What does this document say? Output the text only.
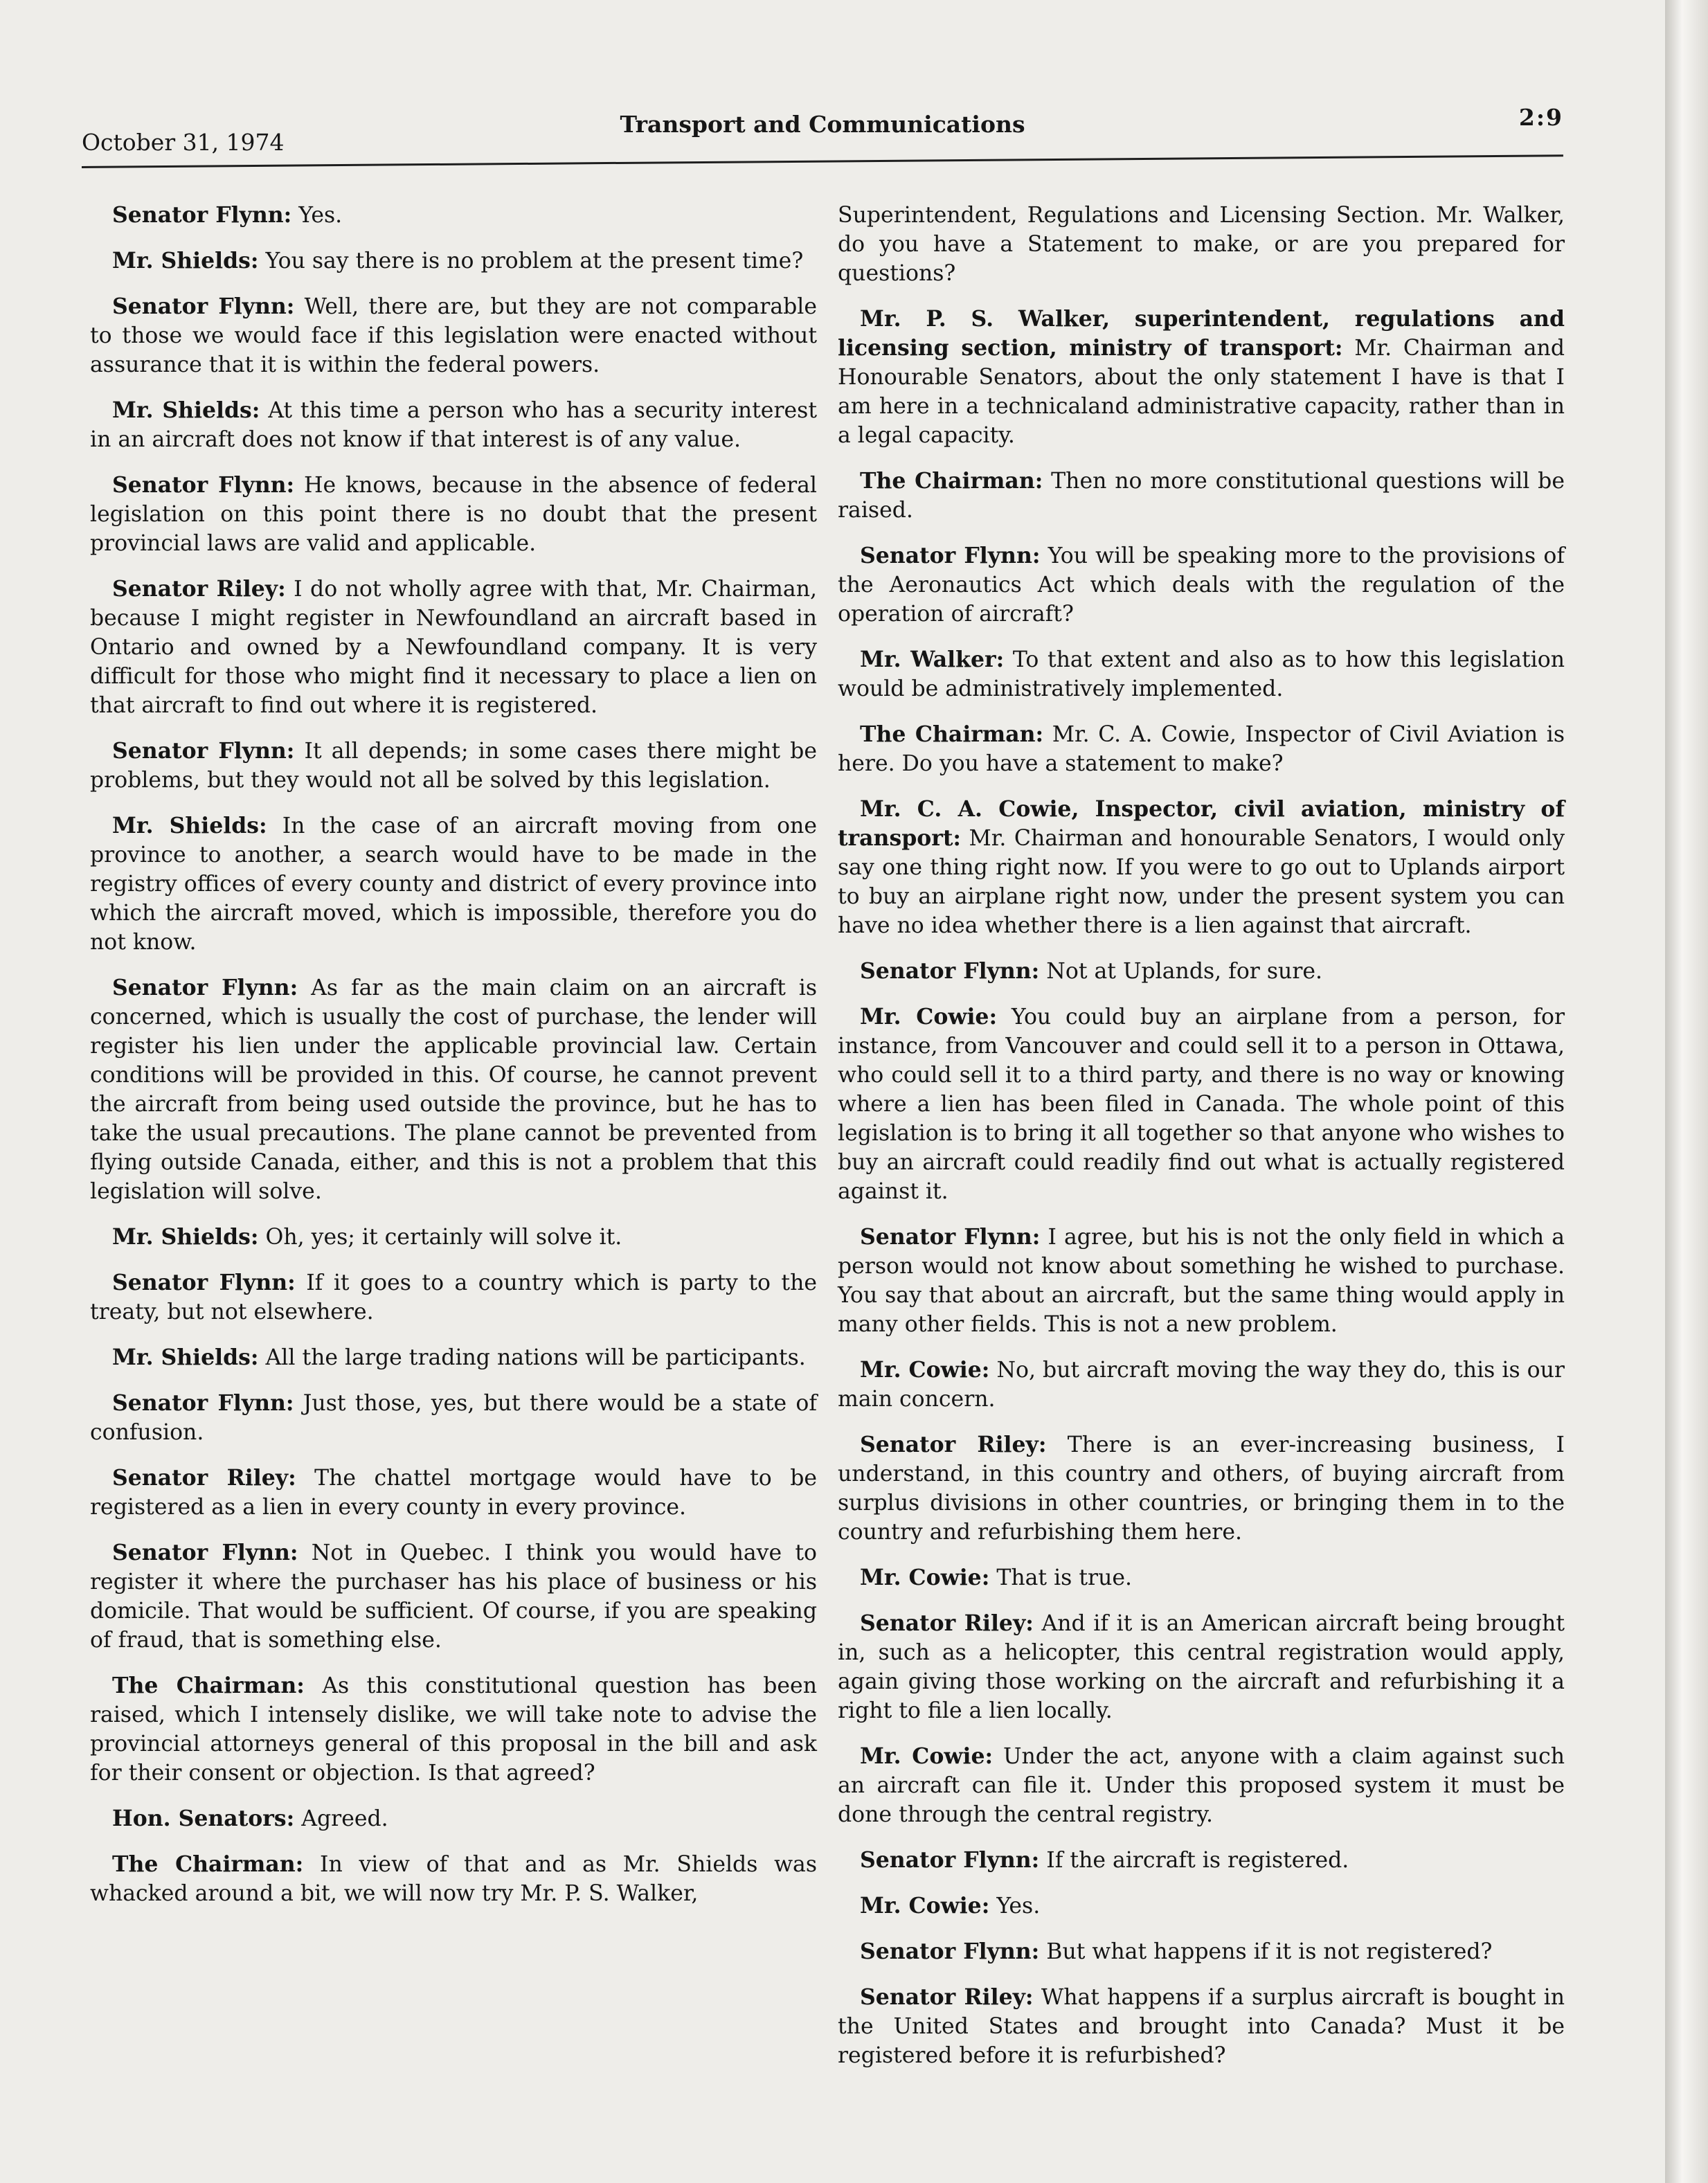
October 31, 1974
Transport and Communications	2:9

Senator Flynn: Yes.

Mr. Shields: You say there is no problem at the present time?

Senator Flynn: Well, there are, but they are not comparable to those we would face if this legislation were enacted without assurance that it is within the federal powers.

Mr. Shields: At this time a person who has a security interest in an aircraft does not know if that interest is of any value.

Senator Flynn: He knows, because in the absence of federal legislation on this point there is no doubt that the present provincial laws are valid and applicable.

Senator Riley: I do not wholly agree with that, Mr. Chairman, because I might register in Newfoundland an aircraft based in Ontario and owned by a Newfoundland company. It is very difficult for those who might find it necessary to place a lien on that aircraft to find out where it is registered.

Senator Flynn: It all depends; in some cases there might be problems, but they would not all be solved by this legislation.

Mr. Shields: In the case of an aircraft moving from one province to another, a search would have to be made in the registry offices of every county and district of every province into which the aircraft moved, which is impossible, therefore you do not know.

Senator Flynn: As far as the main claim on an aircraft is concerned, which is usually the cost of purchase, the lender will register his lien under the applicable provincial law. Certain conditions will be provided in this. Of course, he cannot prevent the aircraft from being used outside the province, but he has to take the usual precautions. The plane cannot be prevented from flying outside Canada, either, and this is not a problem that this legislation will solve.

Mr. Shields: Oh, yes; it certainly will solve it.

Senator Flynn: If it goes to a country which is party to the treaty, but not elsewhere.

Mr. Shields: All the large trading nations will be participants.

Senator Flynn: Just those, yes, but there would be a state of confusion.

Senator Riley: The chattel mortgage would have to be registered as a lien in every county in every province.

Senator Flynn: Not in Quebec. I think you would have to register it where the purchaser has his place of business or his domicile. That would be sufficient. Of course, if you are speaking of fraud, that is something else.

The Chairman: As this constitutional question has been raised, which I intensely dislike, we will take note to advise the provincial attorneys general of this proposal in the bill and ask for their consent or objection. Is that agreed?

Hon. Senators: Agreed.

The Chairman: In view of that and as Mr. Shields was whacked around a bit, we will now try Mr. P. S. Walker,

Superintendent, Regulations and Licensing Section. Mr. Walker, do you have a Statement to make, or are you prepared for questions?

Mr. P. S. Walker, superintendent, regulations and licensing section, ministry of transport: Mr. Chairman and Honourable Senators, about the only statement I have is that I am here in a technicaland administrative capacity, rather than in a legal capacity.

The Chairman: Then no more constitutional questions will be raised.

Senator Flynn: You will be speaking more to the provisions of the Aeronautics Act which deals with the regulation of the operation of aircraft?

Mr. Walker: To that extent and also as to how this legislation would be administratively implemented.

The Chairman: Mr. C. A. Cowie, Inspector of Civil Aviation is here. Do you have a statement to make?

Mr. C. A. Cowie, Inspector, civil aviation, ministry of transport: Mr. Chairman and honourable Senators, I would only say one thing right now. If you were to go out to Uplands airport to buy an airplane right now, under the present system you can have no idea whether there is a lien against that aircraft.

Senator Flynn: Not at Uplands, for sure.

Mr. Cowie: You could buy an airplane from a person, for instance, from Vancouver and could sell it to a person in Ottawa, who could sell it to a third party, and there is no way or knowing where a lien has been filed in Canada. The whole point of this legislation is to bring it all together so that anyone who wishes to buy an aircraft could readily find out what is actually registered against it.

Senator Flynn: I agree, but his is not the only field in which a person would not know about something he wished to purchase. You say that about an aircraft, but the same thing would apply in many other fields. This is not a new problem.

Mr. Cowie: No, but aircraft moving the way they do, this is our main concern.

Senator Riley: There is an ever-increasing business, I understand, in this country and others, of buying aircraft from surplus divisions in other countries, or bringing them in to the country and refurbishing them here.

Mr. Cowie: That is true.

Senator Riley: And if it is an American aircraft being brought in, such as a helicopter, this central registration would apply, again giving those working on the aircraft and refurbishing it a right to file a lien locally.

Mr. Cowie: Under the act, anyone with a claim against such an aircraft can file it. Under this proposed system it must be done through the central registry.

Senator Flynn: If the aircraft is registered.

Mr. Cowie: Yes.

Senator Flynn: But what happens if it is not registered?

Senator Riley: What happens if a surplus aircraft is bought in the United States and brought into Canada? Must it be registered before it is refurbished?
